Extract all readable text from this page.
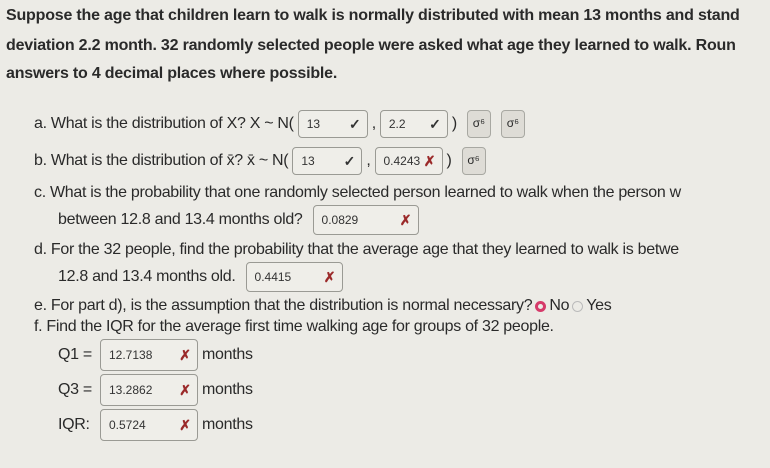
Suppose the age that children learn to walk is normally distributed with mean 13 months and stand
deviation 2.2 month. 32 randomly selected people were asked what age they learned to walk. Roun
answers to 4 decimal places where possible.
a. What is the distribution of X? X ~ N( 13 ✓ , 2.2 ✓ )	σ⁶	σ⁶
b. What is the distribution of x̄? x̄ ~ N( 13 ✓ , 0.4243 ✗ )	σ⁶
c. What is the probability that one randomly selected person learned to walk when the person w
between 12.8 and 13.4 months old? 0.0829	✗
d. For the 32 people, find the probability that the average age that they learned to walk is betwe
12.8 and 13.4 months old. 0.4415 ✗
e. For part d), is the assumption that the distribution is normal necessary? No Yes
f. Find the IQR for the average first time walking age for groups of 32 people.
Q1 =	12.7138 ✗ months
Q3 =	13.2862 ✗ months
IQR:	0.5724 ✗ months
